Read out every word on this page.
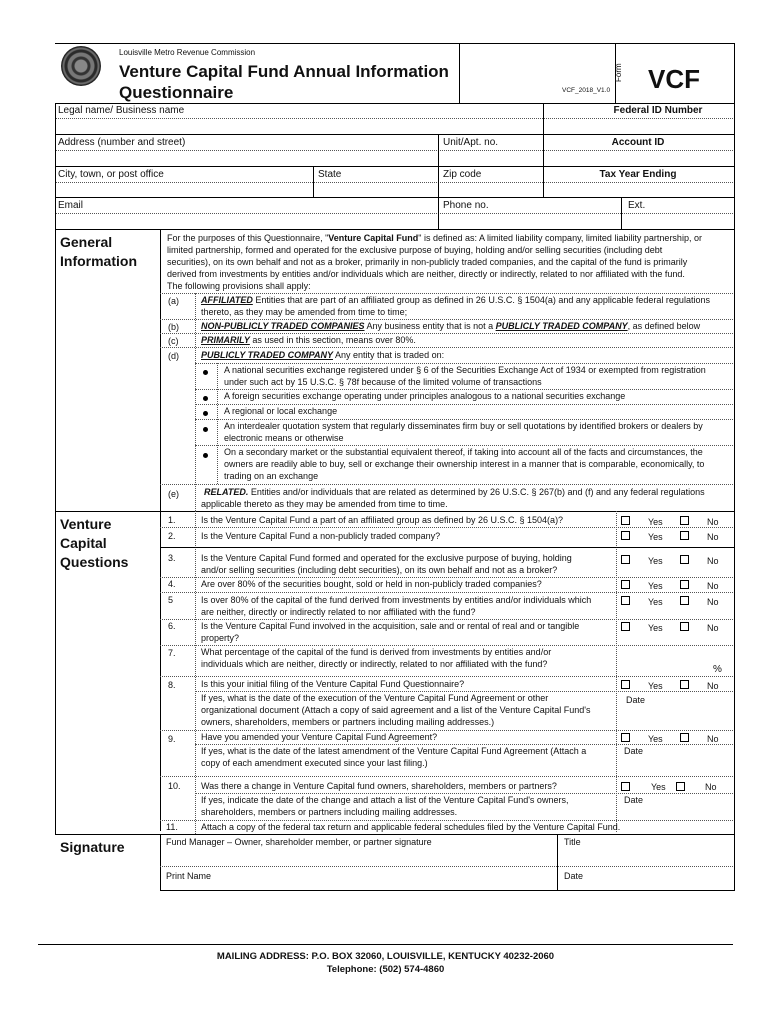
Louisville Metro Revenue Commission
Venture Capital Fund Annual Information
Questionnaire	VCF_2018_V1.0
Form VCF
Legal name/ Business name	Federal ID Number
Address (number and street)	Unit/Apt. no.	Account ID
City, town, or post office	State	Zip code	Tax Year Ending
Email	Phone no.	Ext.
General
Information
For the purposes of this Questionnaire, "Venture Capital Fund" is defined as: A limited liability company, limited liability partnership, or
limited partnership, formed and operated for the exclusive purpose of buying, holding and/or selling securities (including debt
securities), on its own behalf and not as a broker, primarily in non-publicly traded companies, and the capital of the fund is primarily
derived from investments by entities and/or individuals which are neither, directly or indirectly, related to nor affiliated with the fund.
The following provisions shall apply:
(a) AFFILIATED Entities that are part of an affiliated group as defined in 26 U.S.C. § 1504(a) and any applicable federal regulations
thereto, as they may be amended from time to time;
(b) NON-PUBLICLY TRADED COMPANIES Any business entity that is not a PUBLICLY TRADED COMPANY, as defined below
(c)	PRIMARILY as used in this section, means over 80%.
(d) PUBLICLY TRADED COMPANY Any entity that is traded on:
A national securities exchange registered under § 6 of the Securities Exchange Act of 1934 or exempted from registration
under such act by 15 U.S.C. § 78f because of the limited volume of transactions
A foreign securities exchange operating under principles analogous to a national securities exchange
A regional or local exchange
An interdealer quotation system that regularly disseminates firm buy or sell quotations by identified brokers or dealers by
electronic means or otherwise
On a secondary market or the substantial equivalent thereof, if taking into account all of the facts and circumstances, the
owners are readily able to buy, sell or exchange their ownership interest in a manner that is comparable, economically, to
trading on an exchange
(e)	RELATED. Entities and/or individuals that are related as determined by 26 U.S.C. § 267(b) and (f) and any federal regulations
applicable thereto as they may be amended from time to time.
Venture
Capital
Questions
1.	Is the Venture Capital Fund a part of an affiliated group as defined by 26 U.S.C. § 1504(a)?	Yes	No
2.	Is the Venture Capital Fund a non-publicly traded company?	Yes	No
3.	Is the Venture Capital Fund formed and operated for the exclusive purpose of buying, holding
and/or selling securities (including debt securities), on its own behalf and not as a broker?
Yes	No
4.	Are over 80% of the securities bought, sold or held in non-publicly traded companies?	Yes	No
5	Is over 80% of the capital of the fund derived from investments by entities and/or individuals which
are neither, directly or indirectly related to nor affiliated with the fund?
Yes	No
6.	Is the Venture Capital Fund involved in the acquisition, sale and or rental of real and or tangible
property?
Yes	No
7.	What percentage of the capital of the fund is derived from investments by entities and/or
individuals which are neither, directly or indirectly, related to nor affiliated with the fund?	%
8.	Is this your initial filing of the Venture Capital Fund Questionnaire?	Yes	No
If yes, what is the date of the execution of the Venture Capital Fund Agreement or other
organizational document (Attach a copy of said agreement and a list of the Venture Capital Fund's
owners, shareholders, members or partners including mailing addresses.)
Date
9.	Have you amended your Venture Capital Fund Agreement?	Yes	No
If yes, what is the date of the latest amendment of the Venture Capital Fund Agreement (Attach a
copy of each amendment executed since your last filing.)
Date
10. Was there a change in Venture Capital fund owners, shareholders, members or partners?	Yes	No
If yes, indicate the date of the change and attach a list of the Venture Capital Fund's owners,
shareholders, members or partners including mailing addresses.
Date
11.	Attach a copy of the federal tax return and applicable federal schedules filed by the Venture Capital Fund.
Signature	Fund Manager – Owner, shareholder member, or partner signature	Title
Print Name	Date
MAILING ADDRESS: P.O. BOX 32060, LOUISVILLE, KENTUCKY 40232-2060
Telephone: (502) 574-4860
